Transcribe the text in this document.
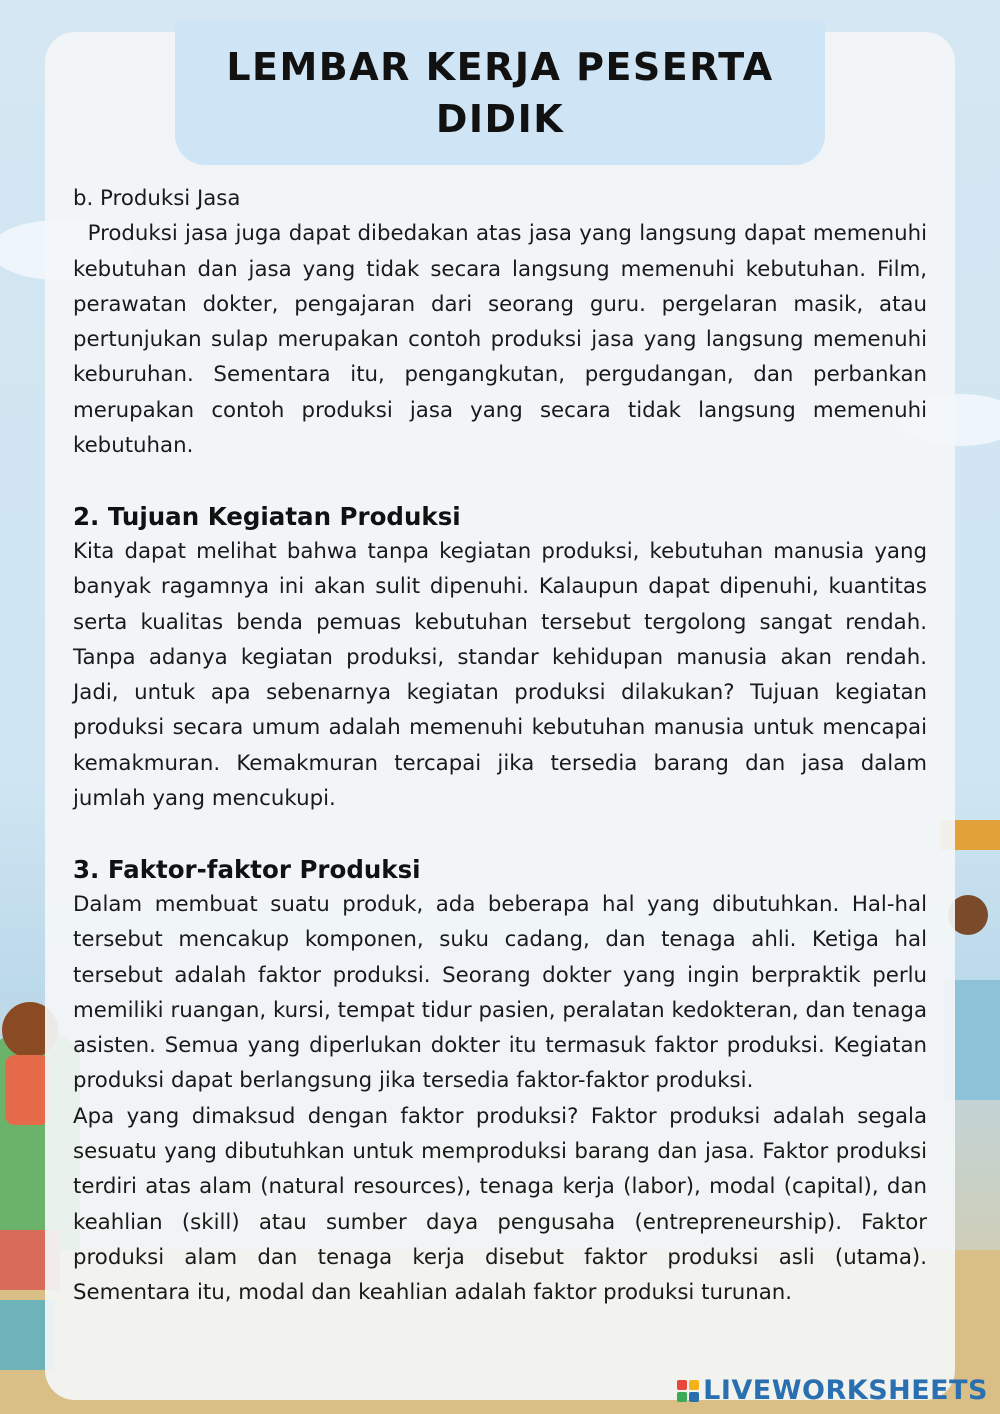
LEMBAR KERJA PESERTA DIDIK

b. Produksi Jasa

Produksi jasa juga dapat dibedakan atas jasa yang langsung dapat memenuhi kebutuhan dan jasa yang tidak secara langsung memenuhi kebutuhan. Film, perawatan dokter, pengajaran dari seorang guru. pergelaran masik, atau pertunjukan sulap merupakan contoh produksi jasa yang langsung memenuhi keburuhan. Sementara itu, pengangkutan, pergudangan, dan perbankan merupakan contoh produksi jasa yang secara tidak langsung memenuhi kebutuhan.

2. Tujuan Kegiatan Produksi

Kita dapat melihat bahwa tanpa kegiatan produksi, kebutuhan manusia yang banyak ragamnya ini akan sulit dipenuhi. Kalaupun dapat dipenuhi, kuantitas serta kualitas benda pemuas kebutuhan tersebut tergolong sangat rendah. Tanpa adanya kegiatan produksi, standar kehidupan manusia akan rendah. Jadi, untuk apa sebenarnya kegiatan produksi dilakukan? Tujuan kegiatan produksi secara umum adalah memenuhi kebutuhan manusia untuk mencapai kemakmuran. Kemakmuran tercapai jika tersedia barang dan jasa dalam jumlah yang mencukupi.

3. Faktor-faktor Produksi

Dalam membuat suatu produk, ada beberapa hal yang dibutuhkan. Hal-hal tersebut mencakup komponen, suku cadang, dan tenaga ahli. Ketiga hal tersebut adalah faktor produksi. Seorang dokter yang ingin berpraktik perlu memiliki ruangan, kursi, tempat tidur pasien, peralatan kedokteran, dan tenaga asisten. Semua yang diperlukan dokter itu termasuk faktor produksi. Kegiatan produksi dapat berlangsung jika tersedia faktor-faktor produksi.

Apa yang dimaksud dengan faktor produksi? Faktor produksi adalah segala sesuatu yang dibutuhkan untuk memproduksi barang dan jasa. Faktor produksi terdiri atas alam (natural resources), tenaga kerja (labor), modal (capital), dan keahlian (skill) atau sumber daya pengusaha (entrepreneurship). Faktor produksi alam dan tenaga kerja disebut faktor produksi asli (utama). Sementara itu, modal dan keahlian adalah faktor produksi turunan.

LIVEWORKSHEETS
